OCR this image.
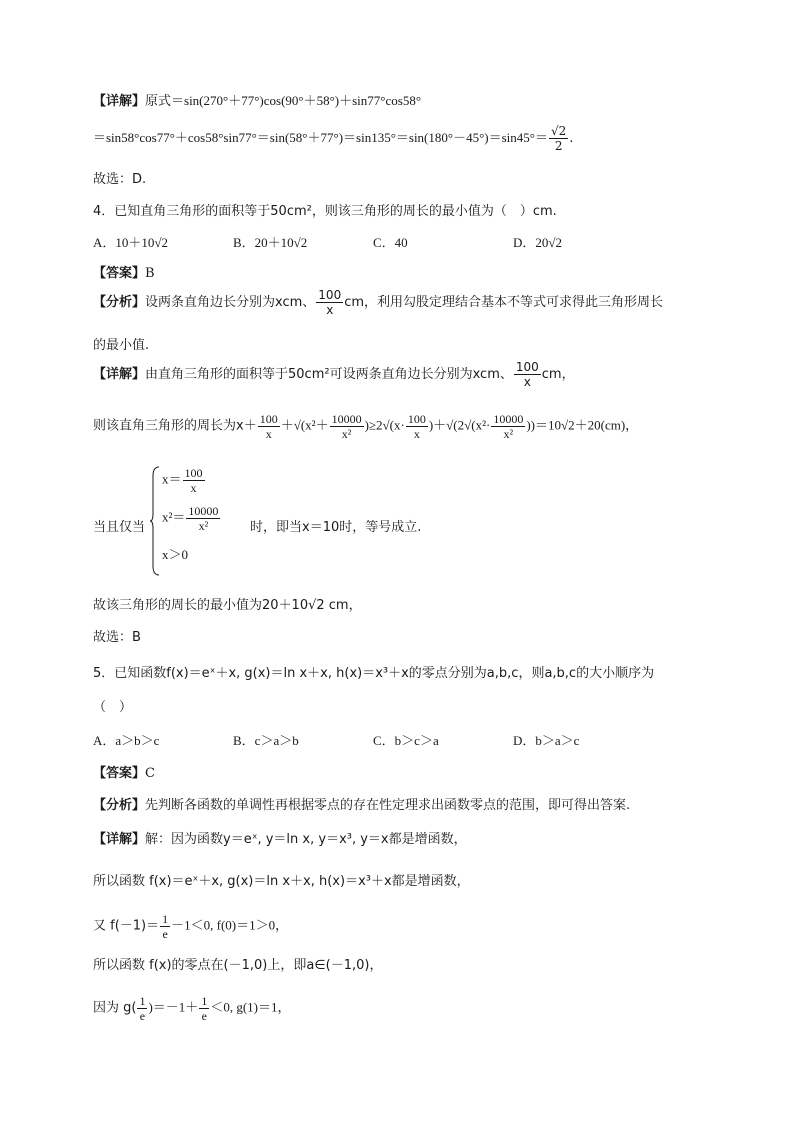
【详解】原式＝sin(270°＋77°)cos(90°＋58°)＋sin77°cos58°
$=\sin 58^\circ\cos 77^\circ+\cos 58^\circ\sin 77^\circ=\sin(58^\circ+77^\circ)=\sin 135^\circ=\sin(180^\circ-45^\circ)=\sin 45^\circ= \frac{√2}{2}$ .
故选：D.
4．已知直角三角形的面积等于50cm²，则该三角形的周长的最小值为（　）cm.
A．10＋10√2	B．20＋10√2	C．40	D．20√2
【答案】B
【分析】设两条直角边长分别为xcm、 $\frac{100}{x}$ cm，利用勾股定理结合基本不等式可求得此三角形周长
的最小值.
【详解】由直角三角形的面积等于50cm²可设两条直角边长分别为xcm、 $\frac{100}{x}$ cm，
则该直角三角形的周长为$x+ \frac{100}{x} +√(x^2+ \frac{10000}{\text{x²}} )\ge 2√(x\cdot \frac{100}{x} )+√(2√(x^2\cdot \frac{10000}{\text{x²}} ))=10√2+20(cm)$，
当且仅当
$x= \frac{100}{x}$
$x^2= \frac{10000}{\text{x²}}$
x＞0
时，即当x＝10时，等号成立.
故该三角形的周长的最小值为20＋10√2 cm，
故选：B
5．已知函数f(x)＝eˣ＋x, g(x)＝ln x＋x, h(x)＝x³＋x的零点分别为a,b,c，则a,b,c的大小顺序为
（　）
A．a＞b＞c	B．c＞a＞b	C．b＞c＞a	D．b＞a＞c
【答案】C
【分析】先判断各函数的单调性再根据零点的存在性定理求出函数零点的范围，即可得出答案.
【详解】解：因为函数y＝eˣ, y＝ln x, y＝x³, y＝x都是增函数，
所以函数 f(x)＝eˣ＋x, g(x)＝ln x＋x, h(x)＝x³＋x都是增函数，
又 $f(-1)= \frac{1}{e} -1<0$, f(0)＝1＞0，
所以函数 f(x)的零点在(－1,0)上，即a∈(－1,0)，
因为 $g( \frac{1}{e} )=-1+ \frac{1}{e} <0$, g(1)＝1，
